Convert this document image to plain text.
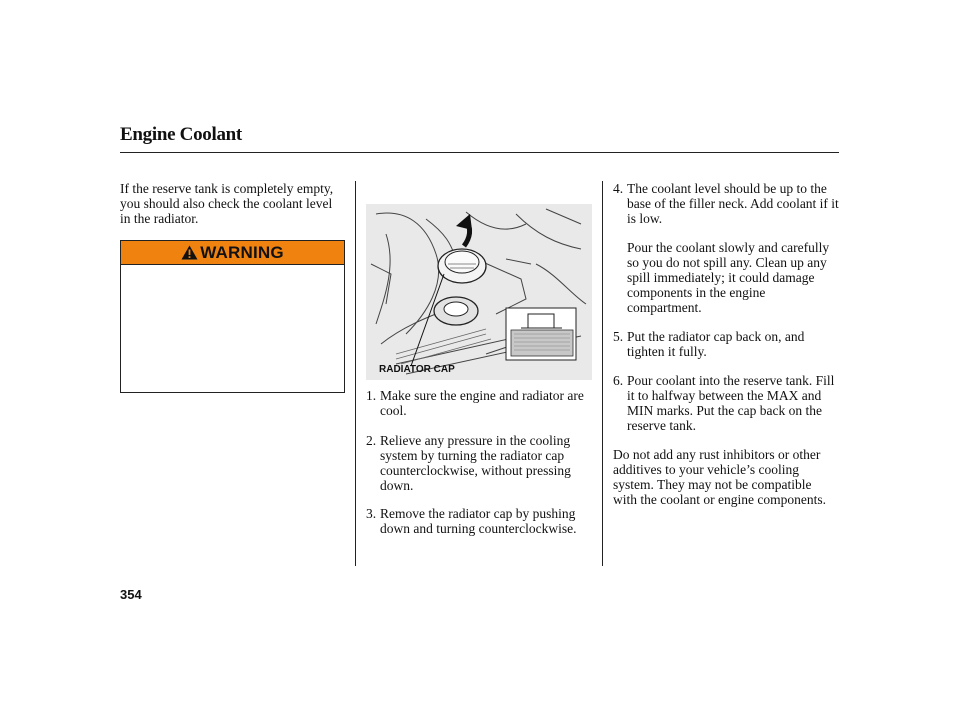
Engine Coolant
If the reserve tank is completely empty, you should also check the coolant level in the radiator.
WARNING
RADIATOR CAP
1. Make sure the engine and radiator are cool.
2. Relieve any pressure in the cooling system by turning the radiator cap counterclockwise, without pressing down.
3. Remove the radiator cap by pushing down and turning counterclockwise.
4. The coolant level should be up to the base of the filler neck. Add coolant if it is low.
Pour the coolant slowly and carefully so you do not spill any. Clean up any spill immediately; it could damage components in the engine compartment.
5. Put the radiator cap back on, and tighten it fully.
6. Pour coolant into the reserve tank. Fill it to halfway between the MAX and MIN marks. Put the cap back on the reserve tank.
Do not add any rust inhibitors or other additives to your vehicle’s cooling system. They may not be compatible with the coolant or engine components.
354
